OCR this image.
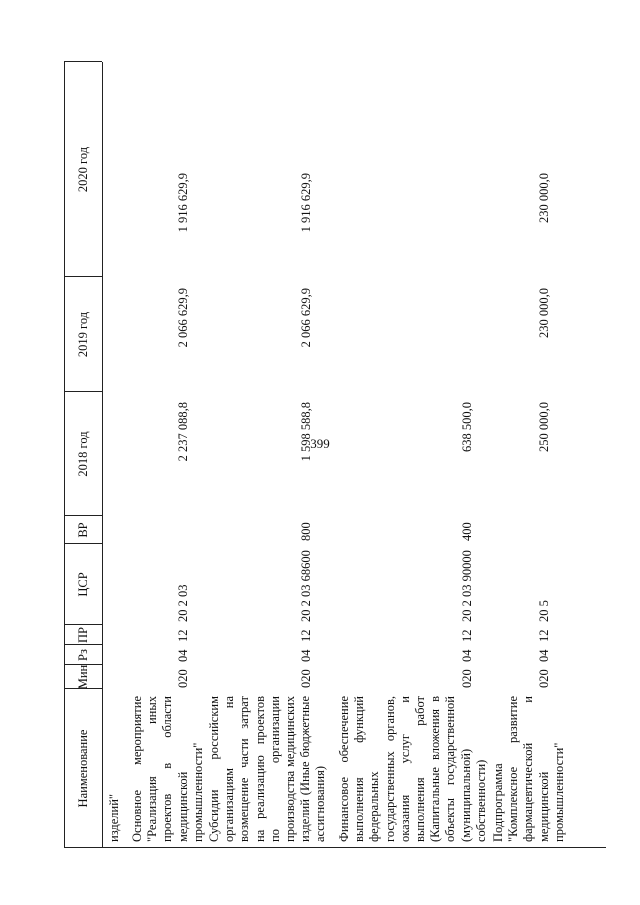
399
Наименование
Мин
Рз
ПР
ЦСР
ВР
2018 год
2019 год
2020 год
изделий" Основное мероприятие "Реализация иных проектов в области медицинской промышленности"
020
04
12
20 2 03
2 237 088,8
2 066 629,9
1 916 629,9
Субсидии российским организациям на возмещение части затрат на реализацию проектов по организации производства медицинских изделий (Иные бюджетные ассигнования)
020
04
12
20 2 03 68600
800
1 598 588,8
2 066 629,9
1 916 629,9
Финансовое обеспечение выполнения функций федеральных государственных органов, оказания услуг и выполнения работ (Капитальные вложения в объекты государственной (муниципальной) собственности)
020
04
12
20 2 03 90000
400
638 500,0
Подпрограмма "Комплексное развитие фармацевтической и медицинской промышленности"
020
04
12
20 5
250 000,0
230 000,0
230 000,0
